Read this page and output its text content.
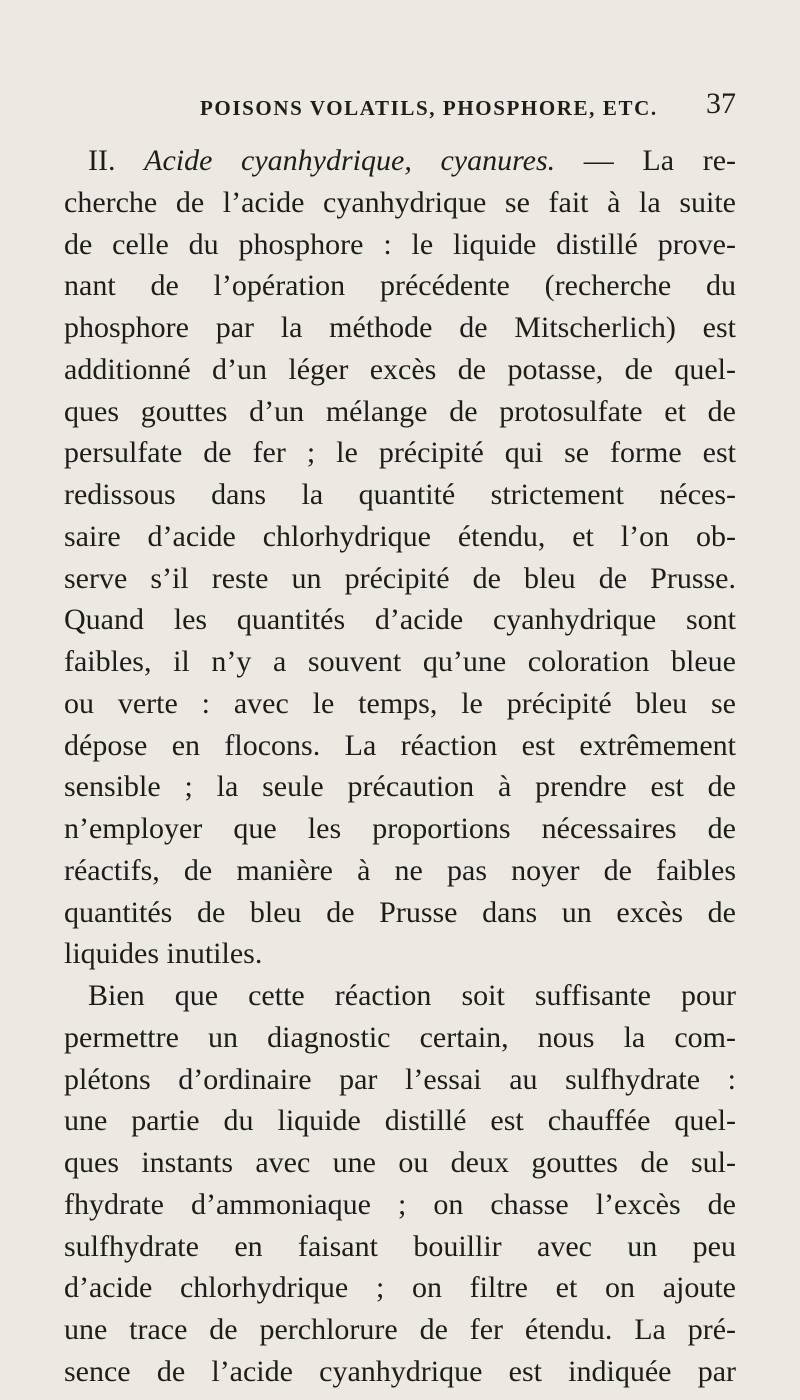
POISONS VOLATILS, PHOSPHORE, ETC. 37
II. Acide cyanhydrique, cyanures. — La re-
cherche de l’acide cyanhydrique se fait à la suite
de celle du phosphore : le liquide distillé prove-
nant de l’opération précédente (recherche du
phosphore par la méthode de Mitscherlich) est
additionné d’un léger excès de potasse, de quel-
ques gouttes d’un mélange de protosulfate et de
persulfate de fer ; le précipité qui se forme est
redissous dans la quantité strictement néces-
saire d’acide chlorhydrique étendu, et l’on ob-
serve s’il reste un précipité de bleu de Prusse.
Quand les quantités d’acide cyanhydrique sont
faibles, il n’y a souvent qu’une coloration bleue
ou verte : avec le temps, le précipité bleu se
dépose en flocons. La réaction est extrêmement
sensible ; la seule précaution à prendre est de
n’employer que les proportions nécessaires de
réactifs, de manière à ne pas noyer de faibles
quantités de bleu de Prusse dans un excès de
liquides inutiles.
Bien que cette réaction soit suffisante pour
permettre un diagnostic certain, nous la com-
plétons d’ordinaire par l’essai au sulfhydrate :
une partie du liquide distillé est chauffée quel-
ques instants avec une ou deux gouttes de sul-
fhydrate d’ammoniaque ; on chasse l’excès de
sulfhydrate en faisant bouillir avec un peu
d’acide chlorhydrique ; on filtre et on ajoute
une trace de perchlorure de fer étendu. La pré-
sence de l’acide cyanhydrique est indiquée par
